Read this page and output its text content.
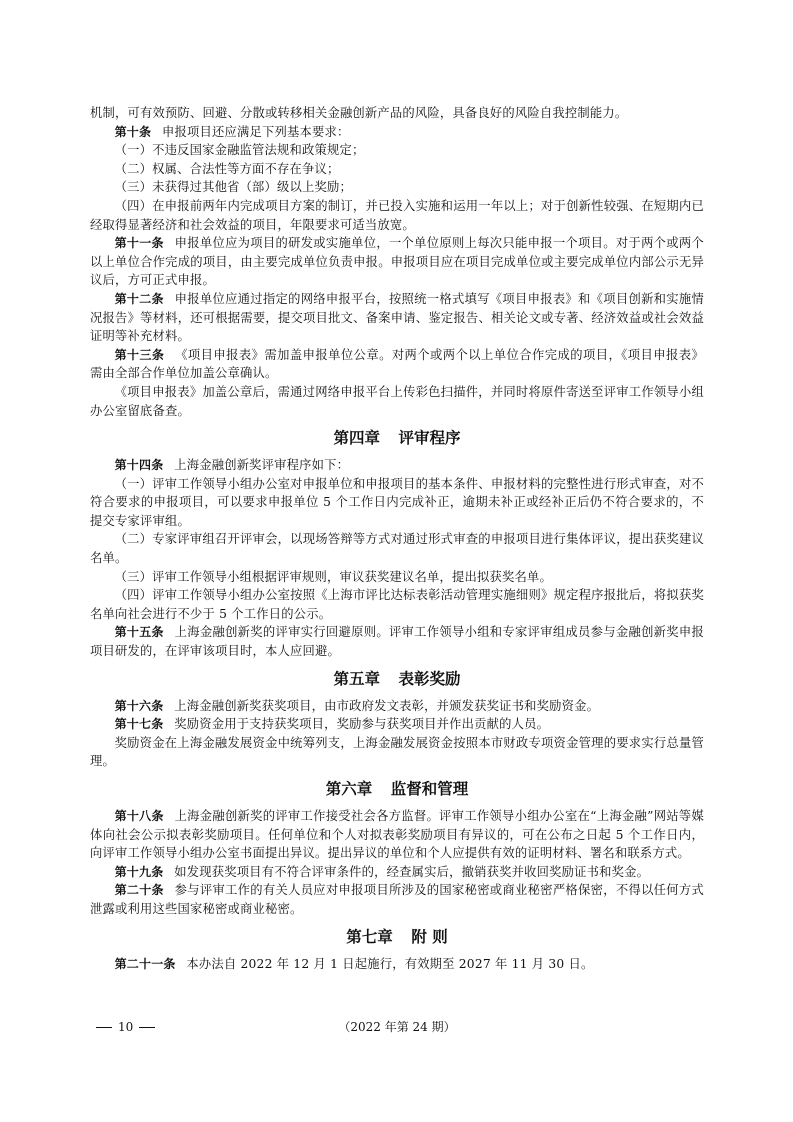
机制，可有效预防、回避、分散或转移相关金融创新产品的风险，具备良好的风险自我控制能力。

第十条 申报项目还应满足下列基本要求：

（一）不违反国家金融监管法规和政策规定；

（二）权属、合法性等方面不存在争议；

（三）未获得过其他省（部）级以上奖励；

（四）在申报前两年内完成项目方案的制订，并已投入实施和运用一年以上；对于创新性较强、在短期内已经取得显著经济和社会效益的项目，年限要求可适当放宽。

第十一条 申报单位应为项目的研发或实施单位，一个单位原则上每次只能申报一个项目。对于两个或两个以上单位合作完成的项目，由主要完成单位负责申报。申报项目应在项目完成单位或主要完成单位内部公示无异议后，方可正式申报。

第十二条 申报单位应通过指定的网络申报平台，按照统一格式填写《项目申报表》和《项目创新和实施情况报告》等材料，还可根据需要，提交项目批文、备案申请、鉴定报告、相关论文或专著、经济效益或社会效益证明等补充材料。

第十三条 《项目申报表》需加盖申报单位公章。对两个或两个以上单位合作完成的项目，《项目申报表》需由全部合作单位加盖公章确认。

《项目申报表》加盖公章后，需通过网络申报平台上传彩色扫描件，并同时将原件寄送至评审工作领导小组办公室留底备查。

第四章 评审程序

第十四条 上海金融创新奖评审程序如下：

（一）评审工作领导小组办公室对申报单位和申报项目的基本条件、申报材料的完整性进行形式审查，对不符合要求的申报项目，可以要求申报单位 5 个工作日内完成补正，逾期未补正或经补正后仍不符合要求的，不提交专家评审组。

（二）专家评审组召开评审会，以现场答辩等方式对通过形式审查的申报项目进行集体评议，提出获奖建议名单。

（三）评审工作领导小组根据评审规则，审议获奖建议名单，提出拟获奖名单。

（四）评审工作领导小组办公室按照《上海市评比达标表彰活动管理实施细则》规定程序报批后，将拟获奖名单向社会进行不少于 5 个工作日的公示。

第十五条 上海金融创新奖的评审实行回避原则。评审工作领导小组和专家评审组成员参与金融创新奖申报项目研发的，在评审该项目时，本人应回避。

第五章 表彰奖励

第十六条 上海金融创新奖获奖项目，由市政府发文表彰，并颁发获奖证书和奖励资金。

第十七条 奖励资金用于支持获奖项目，奖励参与获奖项目并作出贡献的人员。

奖励资金在上海金融发展资金中统筹列支，上海金融发展资金按照本市财政专项资金管理的要求实行总量管理。

第六章 监督和管理

第十八条 上海金融创新奖的评审工作接受社会各方监督。评审工作领导小组办公室在“上海金融”网站等媒体向社会公示拟表彰奖励项目。任何单位和个人对拟表彰奖励项目有异议的，可在公布之日起 5 个工作日内，向评审工作领导小组办公室书面提出异议。提出异议的单位和个人应提供有效的证明材料、署名和联系方式。

第十九条 如发现获奖项目有不符合评审条件的，经查属实后，撤销获奖并收回奖励证书和奖金。

第二十条 参与评审工作的有关人员应对申报项目所涉及的国家秘密或商业秘密严格保密，不得以任何方式泄露或利用这些国家秘密或商业秘密。

第七章 附 则

第二十一条 本办法自 2022 年 12 月 1 日起施行，有效期至 2027 年 11 月 30 日。

10	（2022 年第 24 期）
